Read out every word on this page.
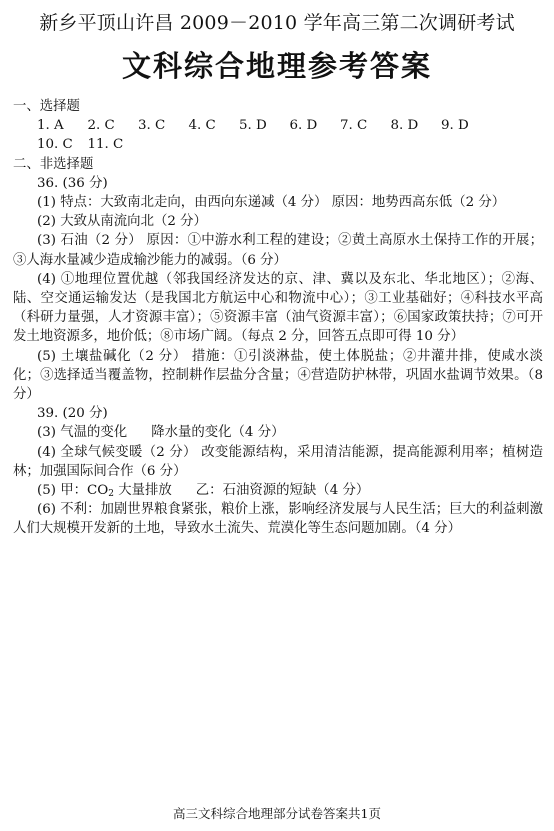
新乡平顶山许昌 2009－2010 学年高三第二次调研考试
文科综合地理参考答案
一、选择题
1. A	2. C	3. C	4. C	5. D	6. D	7. C	8. D	9. D
10. C	11. C
二、非选择题
36. (36 分)
(1) 特点：大致南北走向，由西向东递减（4 分） 原因：地势西高东低（2 分）
(2) 大致从南流向北（2 分）
(3) 石油（2 分） 原因：①中游水利工程的建设；②黄土高原水土保持工作的开展；③人海水量减少造成输沙能力的减弱。（6 分）
(4) ①地理位置优越（邻我国经济发达的京、津、冀以及东北、华北地区）；②海、陆、空交通运输发达（是我国北方航运中心和物流中心）；③工业基础好；④科技水平高（科研力量强，人才资源丰富）；⑤资源丰富（油气资源丰富）；⑥国家政策扶持；⑦可开发土地资源多，地价低；⑧市场广阔。（每点 2 分，回答五点即可得 10 分）
(5) 土壤盐碱化（2 分） 措施：①引淡淋盐，使土体脱盐；②井灌井排，使咸水淡化；③选择适当覆盖物，控制耕作层盐分含量；④营造防护林带，巩固水盐调节效果。（8 分）
39. (20 分)
(3) 气温的变化 降水量的变化（4 分）
(4) 全球气候变暖（2 分） 改变能源结构，采用清洁能源，提高能源利用率；植树造林；加强国际间合作（6 分）
(5) 甲：$CO_2$ 大量排放 乙：石油资源的短缺（4 分）
(6) 不利：加剧世界粮食紧张，粮价上涨，影响经济发展与人民生活；巨大的利益刺激人们大规模开发新的土地，导致水土流失、荒漠化等生态问题加剧。（4 分）
高三文科综合地理部分试卷答案共1页
